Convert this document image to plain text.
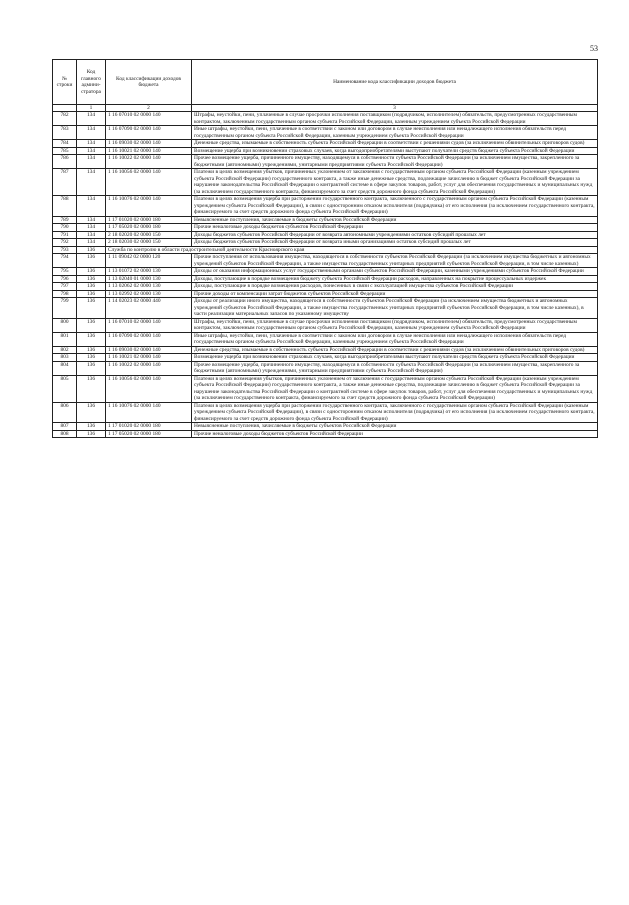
53
№ строки	Код главного админи-стратора	Код классификации доходов бюджета	Наименование кода классификации доходов бюджета
	1	2	3
782	134	1 16 07010 02 0000 140	Штрафы, неустойки, пени, уплаченные в случае просрочки исполнения поставщиком (подрядчиком, исполнителем) обязательств, предусмотренных государственным контрактом, заключенным государственным органом субъекта Российской Федерации, казенным учреждением субъекта Российской Федерации
783	134	1 16 07090 02 0000 140	Иные штрафы, неустойки, пени, уплаченные в соответствии с законом или договором в случае неисполнения или ненадлежащего исполнения обязательств перед государственным органом субъекта Российской Федерации, казенным учреждением субъекта Российской Федерации
784	134	1 16 09030 02 0000 140	Денежные средства, изымаемые в собственность субъекта Российской Федерации в соответствии с решениями судов (за исключением обвинительных приговоров судов)
785	134	1 16 10021 02 0000 140	Возмещение ущерба при возникновении страховых случаев, когда выгодоприобретателями выступают получатели средств бюджета субъекта Российской Федерации
786	134	1 16 10022 02 0000 140	Прочее возмещение ущерба, причиненного имуществу, находящемуся в собственности субъекта Российской Федерации (за исключением имущества, закрепленного за бюджетными (автономными) учреждениями, унитарными предприятиями субъекта Российской Федерации)
787	134	1 16 10056 02 0000 140	Платежи в целях возмещения убытков, причиненных уклонением от заключения с государственным органом субъекта Российской Федерации (казенным учреждением субъекта Российской Федерации) государственного контракта, а также иные денежные средства, подлежащие зачислению в бюджет субъекта Российской Федерации за нарушение законодательства Российской Федерации о контрактной системе в сфере закупок товаров, работ, услуг для обеспечения государственных и муниципальных нужд (за исключением государственного контракта, финансируемого за счет средств дорожного фонда субъекта Российской Федерации)
788	134	1 16 10076 02 0000 140	Платежи в целях возмещения ущерба при расторжении государственного контракта, заключенного с государственным органом субъекта Российской Федерации (казенным учреждением субъекта Российской Федерации), в связи с односторонним отказом исполнителя (подрядчика) от его исполнения (за исключением государственного контракта, финансируемого за счет средств дорожного фонда субъекта Российской Федерации)
789	134	1 17 01020 02 0000 180	Невыясненные поступления, зачисляемые в бюджеты субъектов Российской Федерации
790	134	1 17 05020 02 0000 180	Прочие неналоговые доходы бюджетов субъектов Российской Федерации
791	134	2 18 02020 02 0000 150	Доходы бюджетов субъектов Российской Федерации от возврата автономными учреждениями остатков субсидий прошлых лет
792	134	2 18 02030 02 0000 150	Доходы бюджетов субъектов Российской Федерации от возврата иными организациями остатков субсидий прошлых лет
793	136	Служба по контролю в области градостроительной деятельности Красноярского края	
794	136	1 11 09042 02 0000 120	Прочие поступления от использования имущества, находящегося в собственности субъектов Российской Федерации (за исключением имущества бюджетных и автономных учреждений субъектов Российской Федерации, а также имущества государственных унитарных предприятий субъектов Российской Федерации, в том числе казенных)
795	136	1 13 01072 02 0000 130	Доходы от оказания информационных услуг государственными органами субъектов Российской Федерации, казенными учреждениями субъектов Российской Федерации
796	136	1 13 02040 01 0000 130	Доходы, поступающие в порядке возмещения бюджету субъекта Российской Федерации расходов, направленных на покрытие процессуальных издержек
797	136	1 13 02062 02 0000 130	Доходы, поступающие в порядке возмещения расходов, понесенных в связи с эксплуатацией имущества субъектов Российской Федерации
798	136	1 13 02992 02 0000 130	Прочие доходы от компенсации затрат бюджетов субъектов Российской Федерации
799	136	1 14 02023 02 0000 440	Доходы от реализации иного имущества, находящегося в собственности субъектов Российской Федерации (за исключением имущества бюджетных и автономных учреждений субъектов Российской Федерации, а также имущества государственных унитарных предприятий субъектов Российской Федерации, в том числе казенных), в части реализации материальных запасов по указанному имуществу
800	136	1 16 07010 02 0000 140	Штрафы, неустойки, пени, уплаченные в случае просрочки исполнения поставщиком (подрядчиком, исполнителем) обязательств, предусмотренных государственным контрактом, заключенным государственным органом субъекта Российской Федерации, казенным учреждением субъекта Российской Федерации
801	136	1 16 07090 02 0000 140	Иные штрафы, неустойки, пени, уплаченные в соответствии с законом или договором в случае неисполнения или ненадлежащего исполнения обязательств перед государственным органом субъекта Российской Федерации, казенным учреждением субъекта Российской Федерации
802	136	1 16 09030 02 0000 140	Денежные средства, изымаемые в собственность субъекта Российской Федерации в соответствии с решениями судов (за исключением обвинительных приговоров судов)
803	136	1 16 10021 02 0000 140	Возмещение ущерба при возникновении страховых случаев, когда выгодоприобретателями выступают получатели средств бюджета субъекта Российской Федерации
804	136	1 16 10022 02 0000 140	Прочее возмещение ущерба, причиненного имуществу, находящемуся в собственности субъекта Российской Федерации (за исключением имущества, закрепленного за бюджетными (автономными) учреждениями, унитарными предприятиями субъекта Российской Федерации)
805	136	1 16 10056 02 0000 140	Платежи в целях возмещения убытков, причиненных уклонением от заключения с государственным органом субъекта Российской Федерации (казенным учреждением субъекта Российской Федерации) государственного контракта, а также иные денежные средства, подлежащие зачислению в бюджет субъекта Российской Федерации за нарушение законодательства Российской Федерации о контрактной системе в сфере закупок товаров, работ, услуг для обеспечения государственных и муниципальных нужд (за исключением государственного контракта, финансируемого за счет средств дорожного фонда субъекта Российской Федерации)
806	136	1 16 10076 02 0000 140	Платежи в целях возмещения ущерба при расторжении государственного контракта, заключенного с государственным органом субъекта Российской Федерации (казенным учреждением субъекта Российской Федерации), в связи с односторонним отказом исполнителя (подрядчика) от его исполнения (за исключением государственного контракта, финансируемого за счет средств дорожного фонда субъекта Российской Федерации)
807	136	1 17 01020 02 0000 180	Невыясненные поступления, зачисляемые в бюджеты субъектов Российской Федерации
808	136	1 17 05020 02 0000 180	Прочие неналоговые доходы бюджетов субъектов Российской Федерации
